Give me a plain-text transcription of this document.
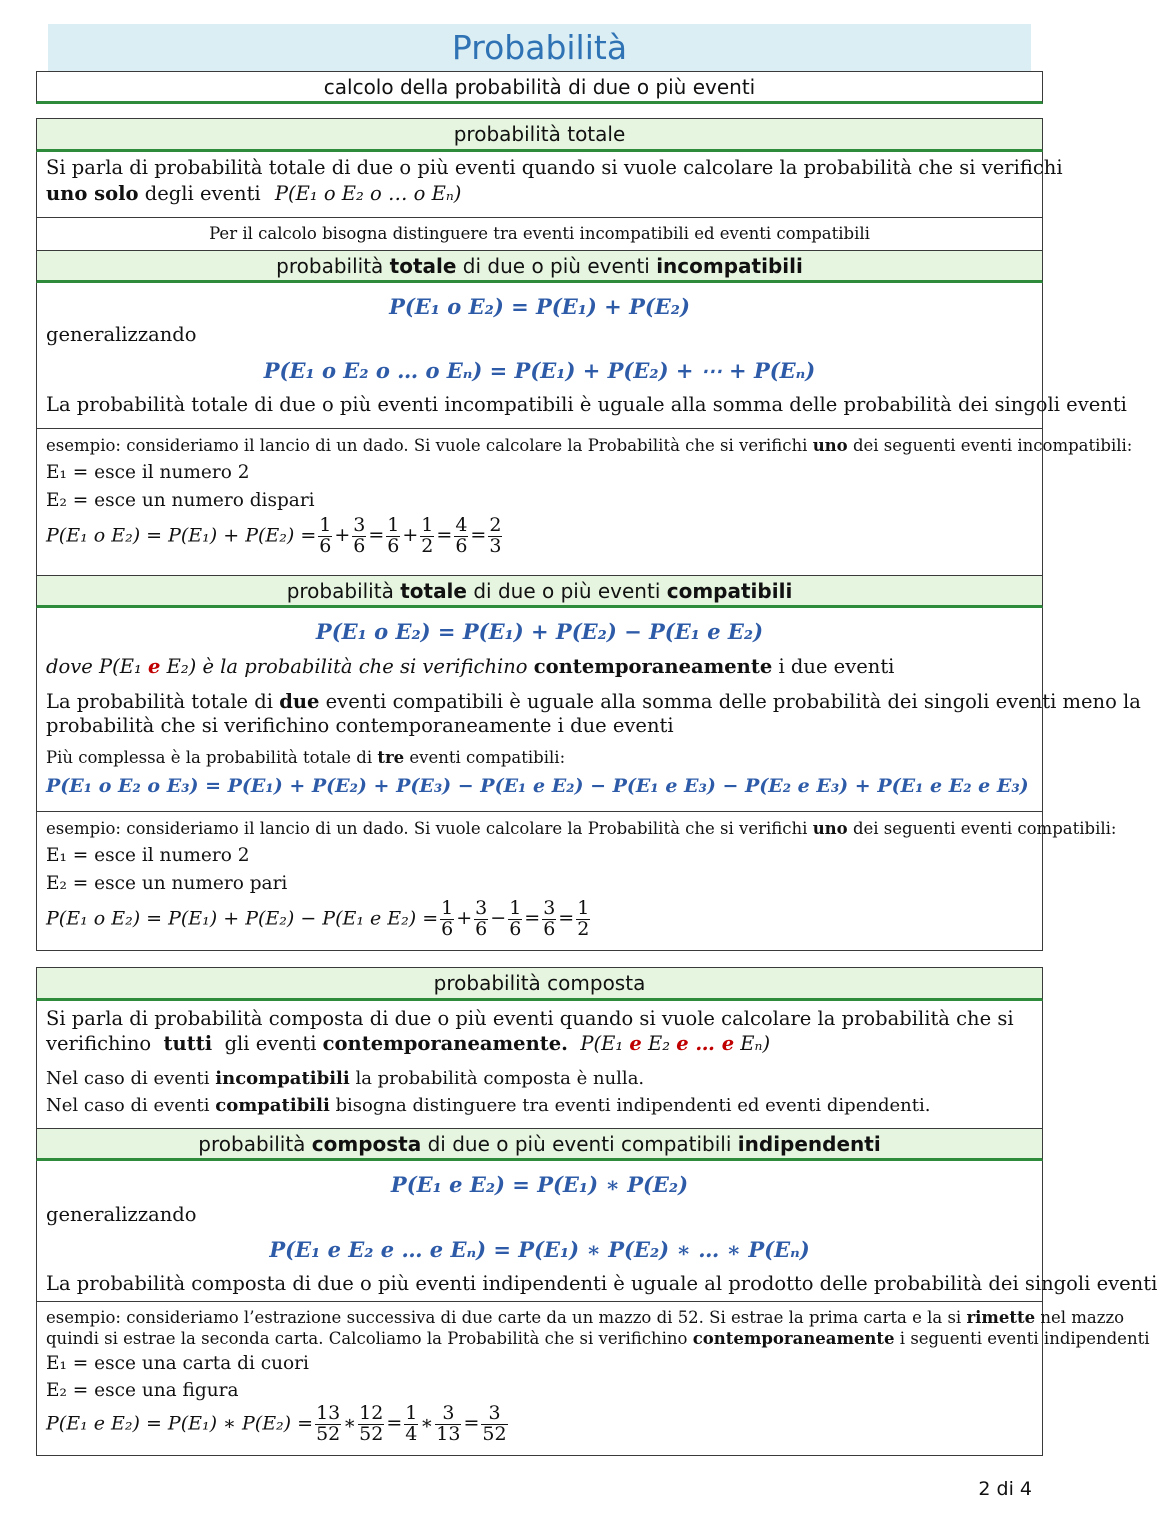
Probabilità
calcolo della probabilità di due o più eventi
probabilità totale
Si parla di probabilità totale di due o più eventi quando si vuole calcolare la probabilità che si verifichi
uno solo degli eventi P(E₁ o E₂ o … o Eₙ)
Per il calcolo bisogna distinguere tra eventi incompatibili ed eventi compatibili
probabilità totale di due o più eventi incompatibili
P(E₁ o E₂) = P(E₁) + P(E₂)
generalizzando
P(E₁ o E₂ o … o Eₙ) = P(E₁) + P(E₂) + ⋯ + P(Eₙ)
La probabilità totale di due o più eventi incompatibili è uguale alla somma delle probabilità dei singoli eventi
esempio: consideriamo il lancio di un dado. Si vuole calcolare la Probabilità che si verifichi uno dei seguenti eventi incompatibili:
E₁ = esce il numero 2
E₂ = esce un numero dispari
P(E₁ o $E_2) = P(E_1) + P(E_2) = \frac{1}{6} + \frac{3}{6} = \frac{1}{6} + \frac{1}{2} = \frac{4}{6} = \frac{2}{3}$
probabilità totale di due o più eventi compatibili
P(E₁ o E₂) = P(E₁) + P(E₂) − P(E₁ e E₂)
dove P(E₁ e E₂) è la probabilità che si verifichino contemporaneamente i due eventi
La probabilità totale di due eventi compatibili è uguale alla somma delle probabilità dei singoli eventi meno la
probabilità che si verifichino contemporaneamente i due eventi
Più complessa è la probabilità totale di tre eventi compatibili:
P(E₁ o E₂ o E₃) = P(E₁) + P(E₂) + P(E₃) − P(E₁ e E₂) − P(E₁ e E₃) − P(E₂ e E₃) + P(E₁ e E₂ e E₃)
esempio: consideriamo il lancio di un dado. Si vuole calcolare la Probabilità che si verifichi uno dei seguenti eventi compatibili:
E₁ = esce il numero 2
E₂ = esce un numero pari
P(E₁ o E₂) = P(E₁) + P(E₂) − P(E₁ e $E_2) = \frac{1}{6} + \frac{3}{6} - \frac{1}{6} = \frac{3}{6} = \frac{1}{2}$
probabilità composta
Si parla di probabilità composta di due o più eventi quando si vuole calcolare la probabilità che si
verifichino tutti gli eventi contemporaneamente. P(E₁ e E₂ e … e Eₙ)
Nel caso di eventi incompatibili la probabilità composta è nulla.
Nel caso di eventi compatibili bisogna distinguere tra eventi indipendenti ed eventi dipendenti.
probabilità composta di due o più eventi compatibili indipendenti
P(E₁ e E₂) = P(E₁) ∗ P(E₂)
generalizzando
P(E₁ e E₂ e … e Eₙ) = P(E₁) ∗ P(E₂) ∗ … ∗ P(Eₙ)
La probabilità composta di due o più eventi indipendenti è uguale al prodotto delle probabilità dei singoli eventi
esempio: consideriamo l’estrazione successiva di due carte da un mazzo di 52. Si estrae la prima carta e la si rimette nel mazzo
quindi si estrae la seconda carta. Calcoliamo la Probabilità che si verifichino contemporaneamente i seguenti eventi indipendenti
E₁ = esce una carta di cuori
E₂ = esce una figura
P(E₁ e E₂) = P(E₁) ∗ $P(E_2) = \frac{13}{52}$ ∗ $\frac{12}{52} = \frac{1}{4}$ ∗ $\frac{3}{13} = \frac{3}{52}$
2 di 4
